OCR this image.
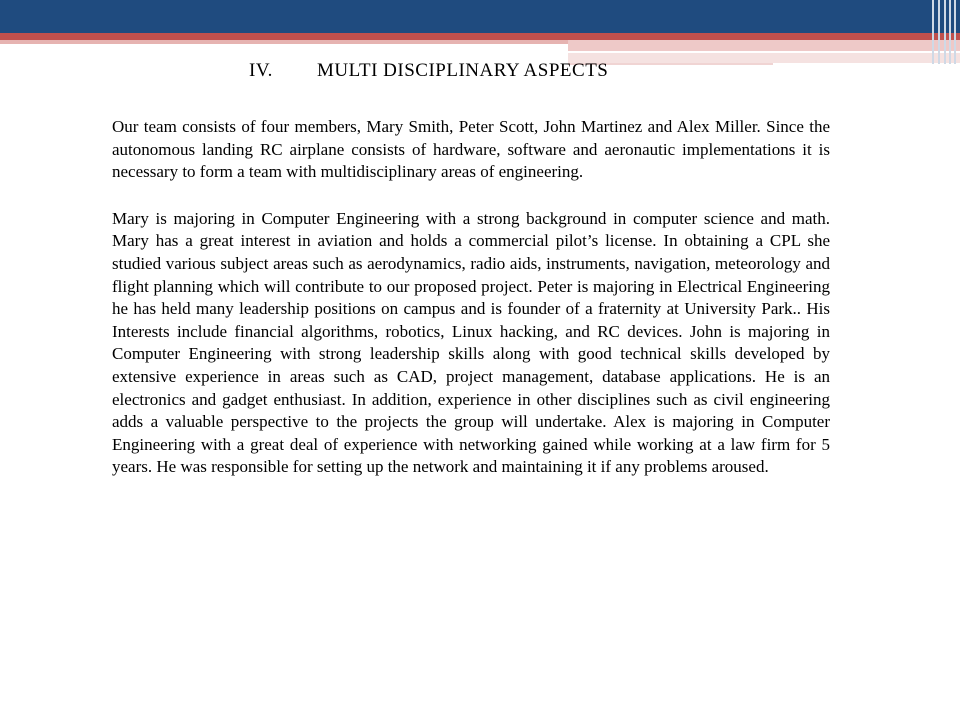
IV. MULTI DISCIPLINARY ASPECTS

Our team consists of four members, Mary Smith, Peter Scott, John Martinez and Alex Miller. Since the autonomous landing RC airplane consists of hardware, software and aeronautic implementations it is necessary to form a team with multidisciplinary areas of engineering.

Mary is majoring in Computer Engineering with a strong background in computer science and math. Mary has a great interest in aviation and holds a commercial pilot’s license. In obtaining a CPL she studied various subject areas such as aerodynamics, radio aids, instruments, navigation, meteorology and flight planning which will contribute to our proposed project. Peter is majoring in Electrical Engineering he has held many leadership positions on campus and is founder of a fraternity at University Park.. His Interests include financial algorithms, robotics, Linux hacking, and RC devices. John is majoring in Computer Engineering with strong leadership skills along with good technical skills developed by extensive experience in areas such as CAD, project management, database applications. He is an electronics and gadget enthusiast. In addition, experience in other disciplines such as civil engineering adds a valuable perspective to the projects the group will undertake. Alex is majoring in Computer Engineering with a great deal of experience with networking gained while working at a law firm for 5 years. He was responsible for setting up the network and maintaining it if any problems aroused.
